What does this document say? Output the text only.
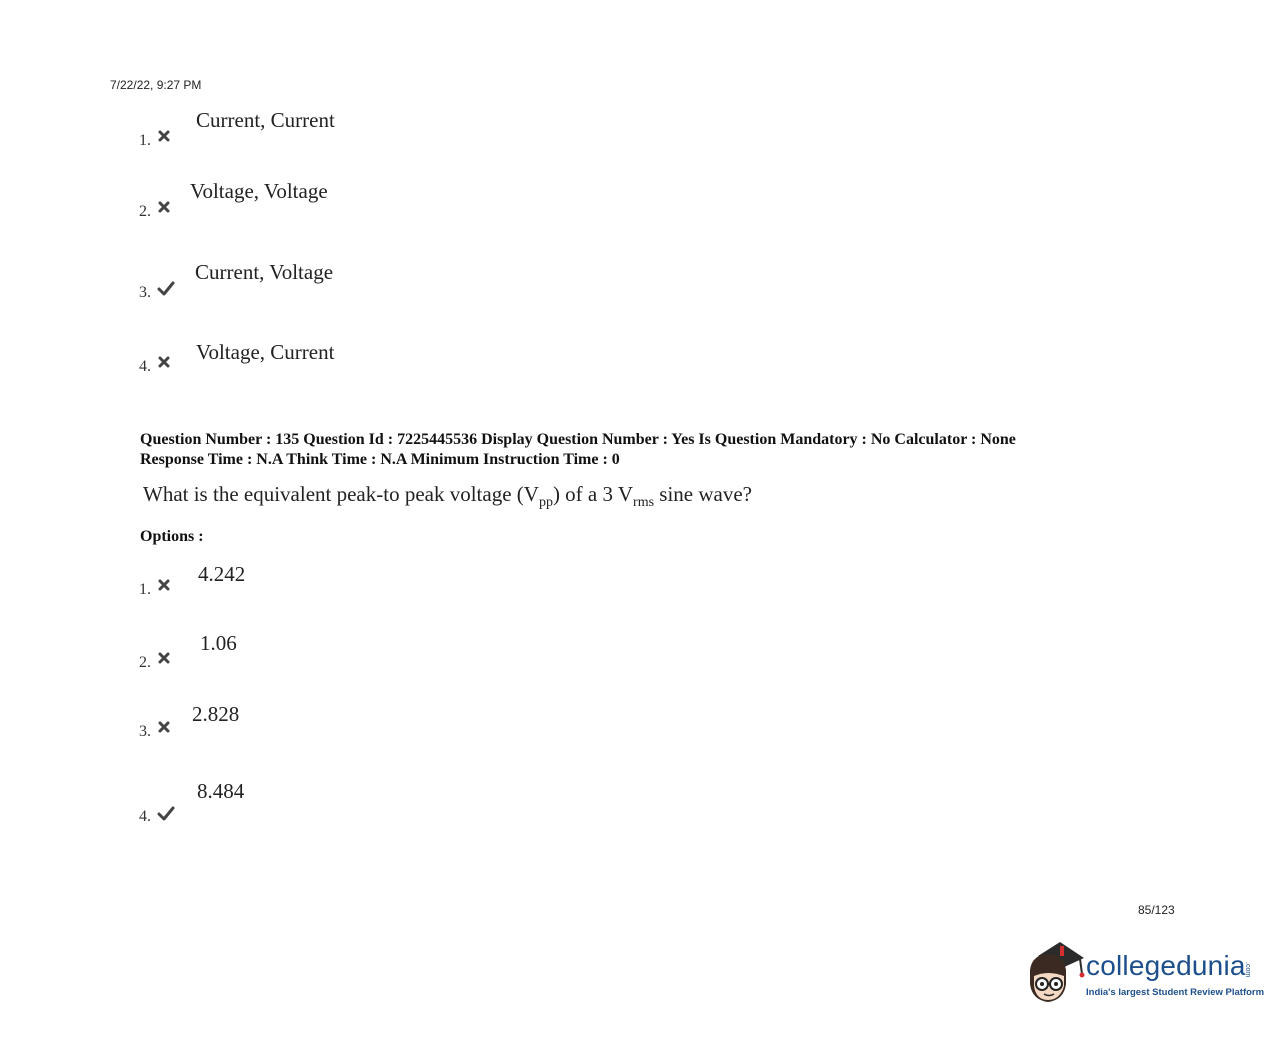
7/22/22, 9:27 PM
1.
Current, Current
2.
Voltage, Voltage
3.
Current, Voltage
4.
Voltage, Current
Question Number : 135 Question Id : 7225445536 Display Question Number : Yes Is Question Mandatory : No Calculator : None
Response Time : N.A Think Time : N.A Minimum Instruction Time : 0
What is the equivalent peak-to peak voltage $(V_{pp})$ of a 3 $V_{rms}$ sine wave?
Options :
1.
4.242
2.
1.06
3.
2.828
4.
8.484
85/123
collegedunia
.com
India's largest Student Review Platform
